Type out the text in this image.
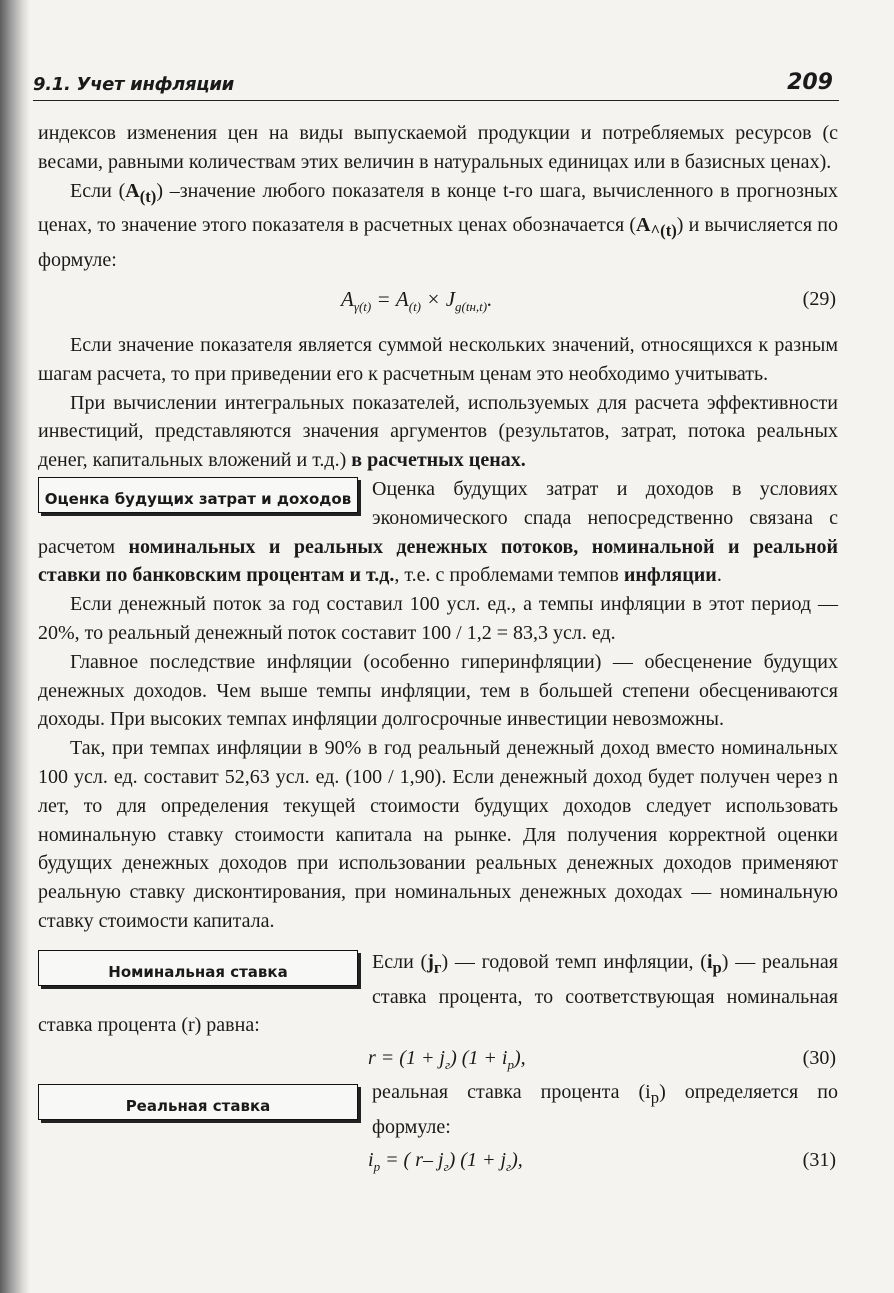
9.1. Учет инфляции	209

индексов изменения цен на виды выпускаемой продукции и потребляемых ресурсов (с весами, равными количествам этих величин в натуральных единицах или в базисных ценах).

Если $(A_{(t)})$ –значение любого показателя в конце t-го шага, вычисленного в прогнозных ценах, то значение этого показателя в расчетных ценах обозначается $(A_{\^{}(t)})$ и вычисляется по формуле:

$A_{\gamma(t)} = A_{(t)} \times J_{g(tн,t)}$.	(29)

Если значение показателя является суммой нескольких значений, относящихся к разным шагам расчета, то при приведении его к расчетным ценам это необходимо учитывать.

При вычислении интегральных показателей, используемых для расчета эффективности инвестиций, представляются значения аргументов (результатов, затрат, потока реальных денег, капитальных вложений и т.д.) в расчетных ценах.

Оценка будущих затрат и доходов	Оценка будущих затрат и доходов в условиях экономического спада непосредственно связана с расчетом номинальных и реальных денежных потоков, номинальной и реальной ставки по банковским процентам и т.д., т.е. с проблемами темпов инфляции.

Если денежный поток за год составил 100 усл. ед., а темпы инфляции в этот период — 20%, то реальный денежный поток составит 100 / 1,2 = 83,3 усл. ед.

Главное последствие инфляции (особенно гиперинфляции) — обесценение будущих денежных доходов. Чем выше темпы инфляции, тем в большей степени обесцениваются доходы. При высоких темпах инфляции долгосрочные инвестиции невозможны.

Так, при темпах инфляции в 90% в год реальный денежный доход вместо номинальных 100 усл. ед. составит 52,63 усл. ед. (100 / 1,90). Если денежный доход будет получен через n лет, то для определения текущей стоимости будущих доходов следует использовать номинальную ставку стоимости капитала на рынке. Для получения корректной оценки будущих денежных доходов при использовании реальных денежных доходов применяют реальную ставку дисконтирования, при номинальных денежных доходах — номинальную ставку стоимости капитала.

Номинальная ставка	Если $(j_г)$ — годовой темп инфляции, $(i_р)$ — реальная ставка процента, то соответствующая номинальная ставка процента (r) равна:

$r = (1 + j_г)$ $(1 + i_р)$,	(30)
Реальная ставка

реальная ставка процента $(i_р)$ определяется по формуле:

$i_р$ = ( r– $j_г$) $(1 + j_г)$,	(31)
